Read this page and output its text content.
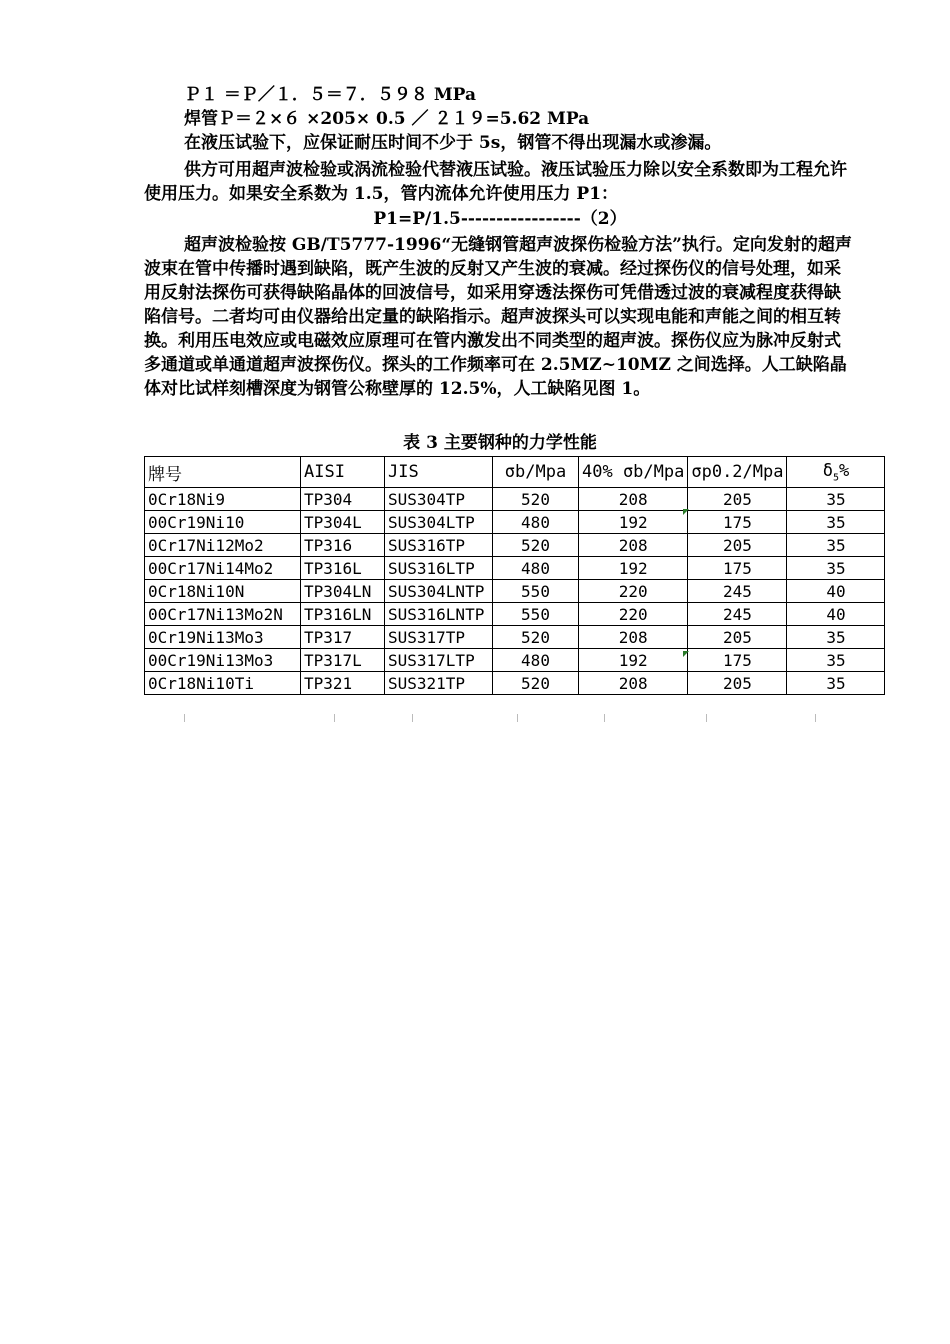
Ｐ１ ＝Ｐ／１．５＝７．５９８ MPa
焊管Ｐ＝２×６ ×205× 0.5 ／ ２１９=5.62 MPa
在液压试验下，应保证耐压时间不少于 5s，钢管不得出现漏水或渗漏。
供方可用超声波检验或涡流检验代替液压试验。液压试验压力除以安全系数即为工程允许使用压力。如果安全系数为 1.5，管内流体允许使用压力 P1：
P1=P/1.5-----------------（2）
超声波检验按 GB/T5777-1996“无缝钢管超声波探伤检验方法”执行。定向发射的超声波束在管中传播时遇到缺陷，既产生波的反射又产生波的衰减。经过探伤仪的信号处理，如采用反射法探伤可获得缺陷晶体的回波信号，如采用穿透法探伤可凭借透过波的衰减程度获得缺陷信号。二者均可由仪器给出定量的缺陷指示。超声波探头可以实现电能和声能之间的相互转换。利用压电效应或电磁效应原理可在管内激发出不同类型的超声波。探伤仪应为脉冲反射式多通道或单通道超声波探伤仪。探头的工作频率可在 2.5MZ~10MZ 之间选择。人工缺陷晶体对比试样刻槽深度为钢管公称壁厚的 12.5%，人工缺陷见图 1。
表 3 主要钢种的力学性能
牌号	AISI	JIS	σb/Mpa	40% σb/Mpa	σp0.2/Mpa	$\delta_5\%$
0Cr18Ni9	TP304	SUS304TP	520	208	205	35
00Cr19Ni10	TP304L	SUS304LTP	480	192	175	35
0Cr17Ni12Mo2	TP316	SUS316TP	520	208	205	35
00Cr17Ni14Mo2	TP316L	SUS316LTP	480	192	175	35
0Cr18Ni10N	TP304LN	SUS304LNTP	550	220	245	40
00Cr17Ni13Mo2N	TP316LN	SUS316LNTP	550	220	245	40
0Cr19Ni13Mo3	TP317	SUS317TP	520	208	205	35
00Cr19Ni13Mo3	TP317L	SUS317LTP	480	192	175	35
0Cr18Ni10Ti	TP321	SUS321TP	520	208	205	35
